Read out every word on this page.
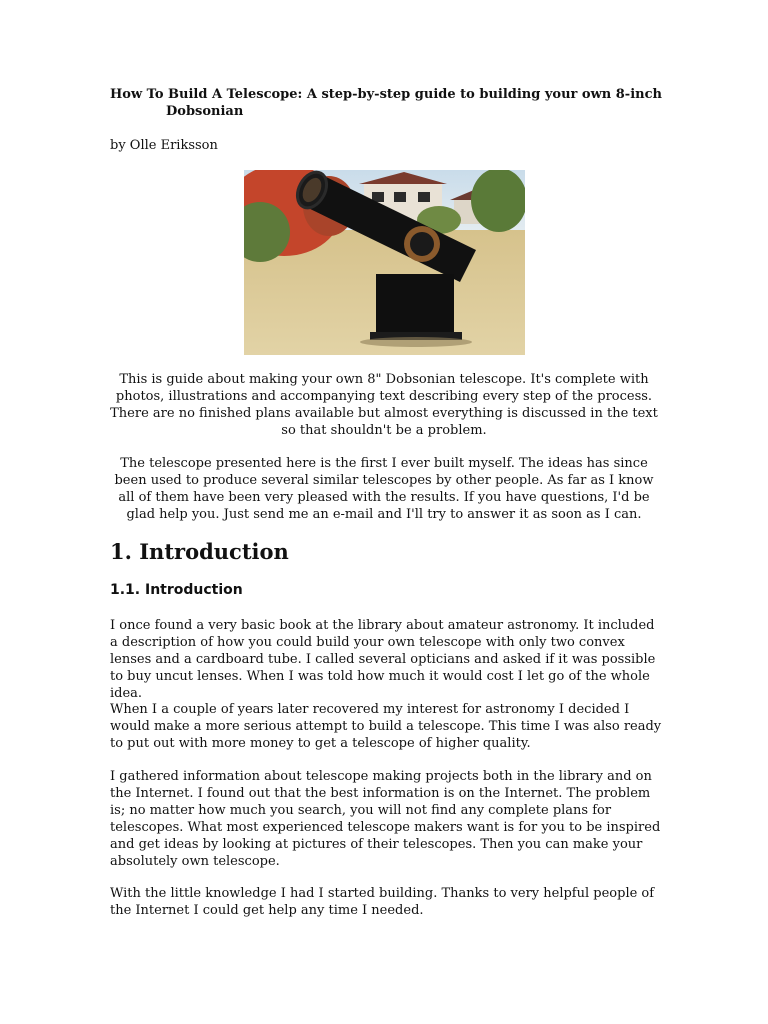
How To Build A Telescope: A step-by-step guide to building your own 8-inch Dobsonian

by Olle Eriksson

This is guide about making your own 8" Dobsonian telescope. It's complete with photos, illustrations and accompanying text describing every step of the process. There are no finished plans available but almost everything is discussed in the text so that shouldn't be a problem.

The telescope presented here is the first I ever built myself. The ideas has since been used to produce several similar telescopes by other people. As far as I know all of them have been very pleased with the results. If you have questions, I'd be glad help you. Just send me an e-mail and I'll try to answer it as soon as I can.

1. Introduction
1.1. Introduction

I once found a very basic book at the library about amateur astronomy. It included a description of how you could build your own telescope with only two convex lenses and a cardboard tube. I called several opticians and asked if it was possible to buy uncut lenses. When I was told how much it would cost I let go of the whole idea.

When I a couple of years later recovered my interest for astronomy I decided I would make a more serious attempt to build a telescope. This time I was also ready to put out with more money to get a telescope of higher quality.

I gathered information about telescope making projects both in the library and on the Internet. I found out that the best information is on the Internet. The problem is; no matter how much you search, you will not find any complete plans for telescopes. What most experienced telescope makers want is for you to be inspired and get ideas by looking at pictures of their telescopes. Then you can make your absolutely own telescope.

With the little knowledge I had I started building. Thanks to very helpful people of the Internet I could get help any time I needed.
